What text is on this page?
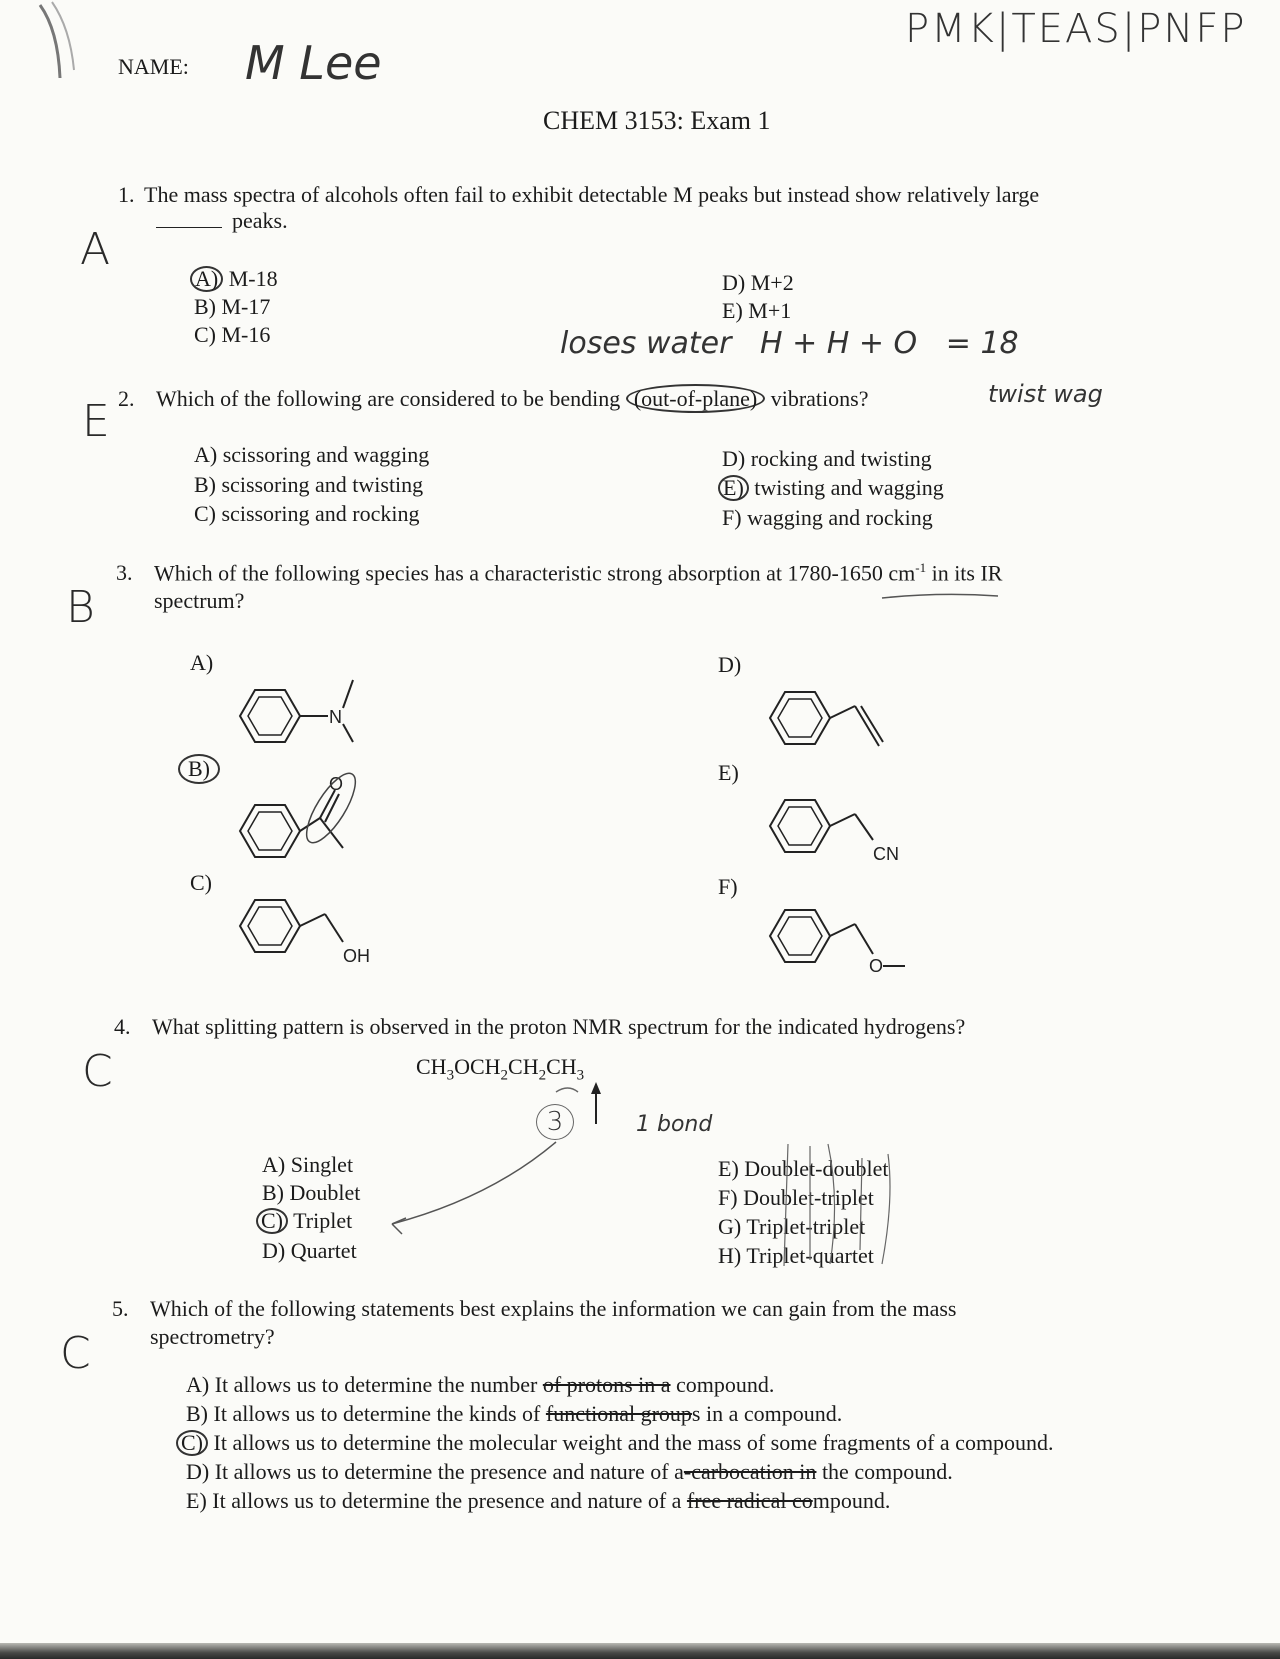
NAME: M Lee
PMK|TEAS|PNFP
CHEM 3153: Exam 1
A
1. The mass spectra of alcohols often fail to exhibit detectable M peaks but instead show relatively large
peaks.
A) M-18
B) M-17
C) M-16
D) M+2
E) M+1
loses water   H + H + O   = 18
E 2. Which of the following are considered to be bending (out-of-plane) vibrations?	twist wag
A) scissoring and wagging
B) scissoring and twisting
C) scissoring and rocking
D) rocking and twisting
E) twisting and wagging
F) wagging and rocking
B
3. Which of the following species has a characteristic strong absorption at 1780-1650 $cm^{-1}$ in its IR
spectrum?
A)
B)
C)
D)
E)
F)
N
O
OH
CN
O
C
4. What splitting pattern is observed in the proton NMR spectrum for the indicated hydrogens?
$CH_3OCH_2CH_2CH_3$
3	1 bond
A) Singlet
B) Doublet
C) Triplet
D) Quartet
E) Doublet-doublet
F) Doublet-triplet
G) Triplet-triplet
H) Triplet-quartet
C
5. Which of the following statements best explains the information we can gain from the mass
spectrometry?
A) It allows us to determine the number of protons in a compound.
B) It allows us to determine the kinds of functional groups in a compound.
C) It allows us to determine the molecular weight and the mass of some fragments of a compound.
D) It allows us to determine the presence and nature of a-carbocation in the compound.
E) It allows us to determine the presence and nature of a free radical compound.
